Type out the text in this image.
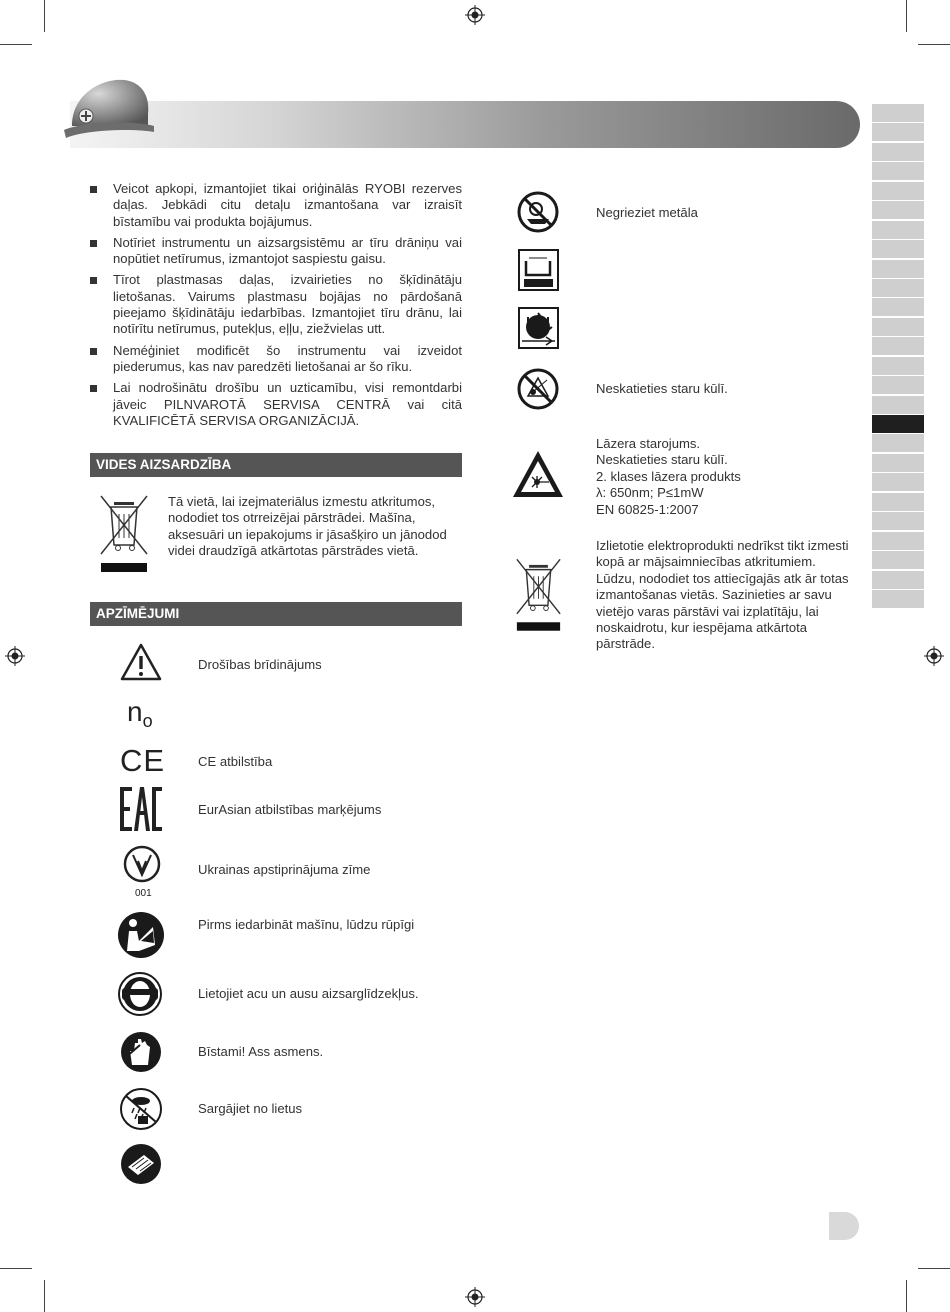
Veicot apkopi, izmantojiet tikai oriģinālās RYOBI rezerves daļas. Jebkādi citu detaļu izmantošana var izraisīt bīstamību vai produkta bojājumus.
Notīriet instrumentu un aizsargsistēmu ar tīru drāniņu vai nopūtiet netīrumus, izmantojot saspiestu gaisu.
Tīrot plastmasas daļas, izvairieties no šķīdinātāju lietošanas. Vairums plastmasu bojājas no pārdošanā pieejamo šķīdinātāju iedarbības. Izmantojiet tīru drānu, lai notīrītu netīrumus, putekļus, eļļu, ziežvielas utt.
Neméģiniet modificēt šo instrumentu vai izveidot piederumus, kas nav paredzēti lietošanai ar šo rīku.
Lai nodrošinātu drošību un uzticamību, visi remontdarbi jāveic PILNVAROTĀ SERVISA CENTRĀ vai citā KVALIFICĒTĀ SERVISA ORGANIZĀCIJĀ.
VIDES AIZSARDZĪBA
Tā vietā, lai izejmateriālus izmestu atkritumos, nododiet tos otrreizējai pārstrādei. Mašīna, aksesuāri un iepakojums ir jāsašķiro un jānodod videi draudzīgā atkārtotas pārstrādes vietā.
APZĪMĒJUMI
$n_o$
CE
001
Drošības brīdinājums
CE atbilstība
EurAsian atbilstības marķējums
Ukrainas apstiprinājuma zīme
Pirms iedarbināt mašīnu, lūdzu rūpīgi
Lietojiet acu un ausu aizsarglīdzekļus.
Bīstami! Ass asmens.
Sargājiet no lietus
Negrieziet metāla
Neskatieties staru kūlī.
Lāzera starojums.
Neskatieties staru kūlī.
2. klases lāzera produkts
λ: 650nm; P≤1mW
EN 60825-1:2007
Izlietotie elektroprodukti nedrīkst tikt izmesti kopā ar mājsaimniecības atkritumiem. Lūdzu, nododiet tos attiecīgajās atk ār totas izmantošanas vietās. Sazinieties ar savu vietējo varas pārstāvi vai izplatītāju, lai noskaidrotu, kur iespējama atkārtota pārstrāde.
